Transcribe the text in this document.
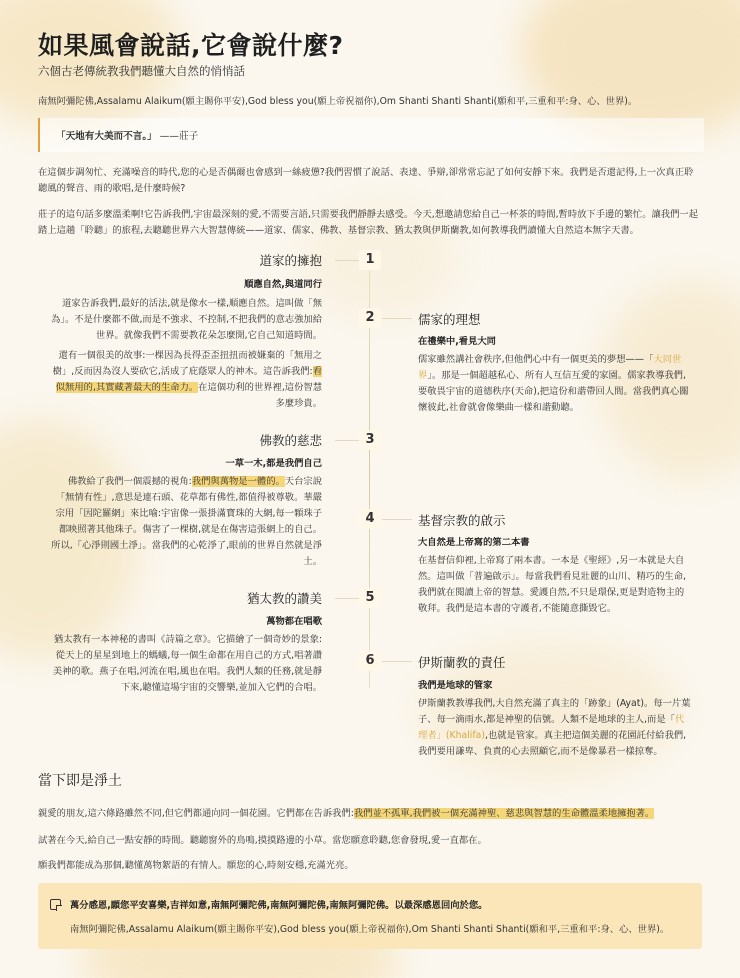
如果風會說話,它會說什麼?
六個古老傳統教我們聽懂大自然的悄悄話
南無阿彌陀佛,Assalamu Alaikum(願主賜你平安),God bless you(願上帝祝福你),Om Shanti Shanti Shanti(願和平,三重和平:身、心、世界)。
「天地有大美而不言。」 ——莊子
在這個步調匆忙、充滿噪音的時代,您的心是否偶爾也會感到一絲疲憊?我們習慣了說話、表達、爭辯,卻常常忘記了如何安靜下來。我們是否還記得,上一次真正聆聽風的聲音、雨的歌唱,是什麼時候?
莊子的這句話多麼溫柔啊!它告訴我們,宇宙最深刻的愛,不需要言語,只需要我們靜靜去感受。今天,想邀請您給自己一杯茶的時間,暫時放下手邊的繁忙。讓我們一起踏上這趟「聆聽」的旅程,去聽聽世界六大智慧傳統——道家、儒家、佛教、基督宗教、猶太教與伊斯蘭教,如何教導我們讀懂大自然這本無字天書。
1
2
3
4
5
6
道家的擁抱
順應自然,與道同行
道家告訴我們,最好的活法,就是像水一樣,順應自然。這叫做「無
為」。不是什麼都不做,而是不強求、不控制,不把我們的意志強加給
世界。就像我們不需要教花朵怎麼開,它自己知道時間。
還有一個很美的故事:一棵因為長得歪歪扭扭而被嫌棄的「無用之
樹」,反而因為沒人要砍它,活成了庇蔭眾人的神木。這告訴我們:看
似無用的,其實藏著最大的生命力。在這個功利的世界裡,這份智慧
多麼珍貴。
儒家的理想
在禮樂中,看見大同
儒家雖然講社會秩序,但他們心中有一個更美的夢想——「大同世
界」。那是一個超越私心、所有人互信互愛的家園。儒家教導我們,
要敬畏宇宙的道德秩序(天命),把這份和諧帶回人間。當我們真心關
懷彼此,社會就會像樂曲一樣和諧動聽。
佛教的慈悲
一草一木,都是我們自己
佛教給了我們一個震撼的視角:我們與萬物是一體的。天台宗說
「無情有性」,意思是連石頭、花草都有佛性,都值得被尊敬。華嚴
宗用「因陀羅網」來比喻:宇宙像一張掛滿寶珠的大網,每一顆珠子
都映照著其他珠子。傷害了一棵樹,就是在傷害這張網上的自己。
所以,「心淨則國土淨」。當我們的心乾淨了,眼前的世界自然就是淨
土。
基督宗教的啟示
大自然是上帝寫的第二本書
在基督信仰裡,上帝寫了兩本書。一本是《聖經》,另一本就是大自
然。這叫做「普遍啟示」。每當我們看見壯麗的山川、精巧的生命,
我們就在閱讀上帝的智慧。愛護自然,不只是環保,更是對造物主的
敬拜。我們是這本書的守護者,不能隨意撕毀它。
猶太教的讚美
萬物都在唱歌
猶太教有一本神秘的書叫《詩篇之章》。它描繪了一個奇妙的景象:
從天上的星星到地上的螞蟻,每一個生命都在用自己的方式,唱著讚
美神的歌。燕子在唱,河流在唱,風也在唱。我們人類的任務,就是靜
下來,聽懂這場宇宙的交響樂,並加入它們的合唱。
伊斯蘭教的責任
我們是地球的管家
伊斯蘭教教導我們,大自然充滿了真主的「跡象」(Ayat)。每一片葉
子、每一滴雨水,都是神聖的信號。人類不是地球的主人,而是「代
理者」(Khalifa),也就是管家。真主把這個美麗的花園託付給我們,
我們要用謙卑、負責的心去照顧它,而不是像暴君一樣掠奪。
當下即是淨土
親愛的朋友,這六條路雖然不同,但它們都通向同一個花園。它們都在告訴我們:我們並不孤單,我們被一個充滿神聖、慈悲與智慧的生命體溫柔地擁抱著。
試著在今天,給自己一點安靜的時間。聽聽窗外的鳥鳴,摸摸路邊的小草。當您願意聆聽,您會發現,愛一直都在。
願我們都能成為那個,聽懂萬物絮語的有情人。願您的心,時刻安穩,充滿光亮。
萬分感恩,願您平安喜樂,吉祥如意,南無阿彌陀佛,南無阿彌陀佛,南無阿彌陀佛。以最深感恩回向於您。
南無阿彌陀佛,Assalamu Alaikum(願主賜你平安),God bless you(願上帝祝福你),Om Shanti Shanti Shanti(願和平,三重和平:身、心、世界)。
